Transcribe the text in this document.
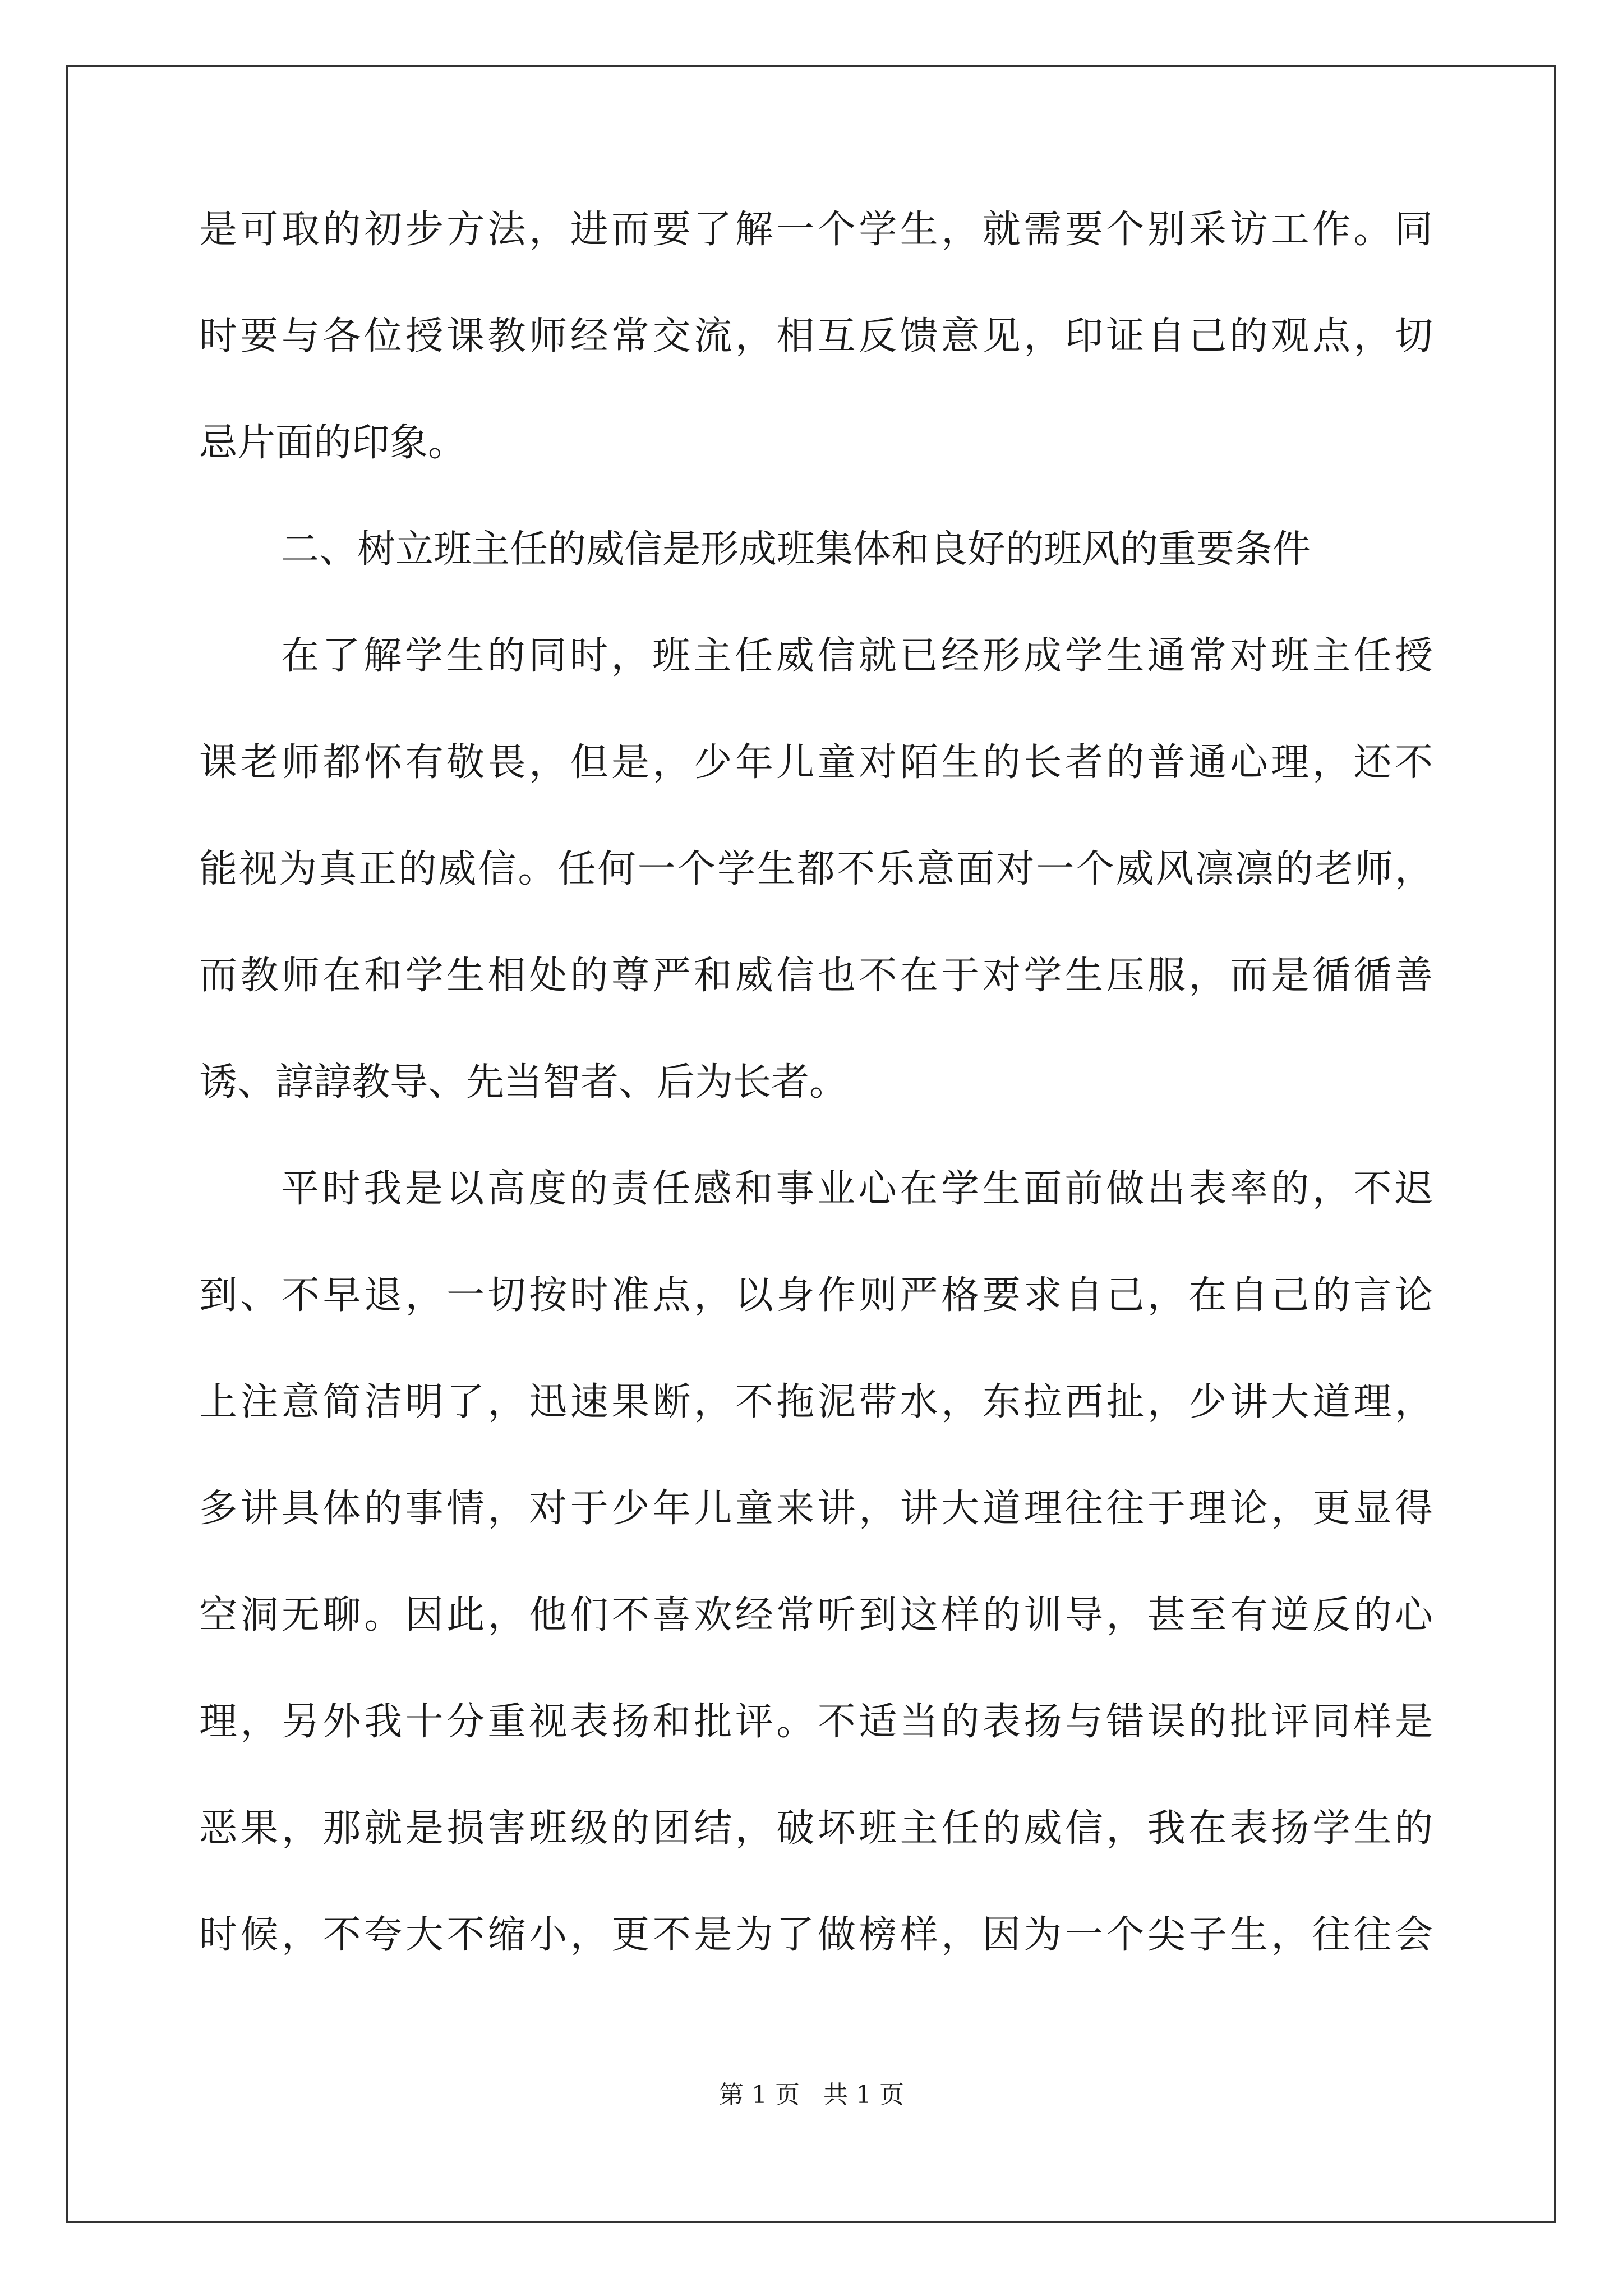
是可取的初步方法，进而要了解一个学生，就需要个别采访工作。同
时要与各位授课教师经常交流，相互反馈意见，印证自己的观点，切
忌片面的印象。
二、树立班主任的威信是形成班集体和良好的班风的重要条件
在了解学生的同时，班主任威信就已经形成学生通常对班主任授
课老师都怀有敬畏，但是，少年儿童对陌生的长者的普通心理，还不
能视为真正的威信。任何一个学生都不乐意面对一个威风凛凛的老师，
而教师在和学生相处的尊严和威信也不在于对学生压服，而是循循善
诱、諄諄教导、先当智者、后为长者。
平时我是以高度的责任感和事业心在学生面前做出表率的，不迟
到、不早退，一切按时准点，以身作则严格要求自己，在自己的言论
上注意简洁明了，迅速果断，不拖泥带水，东拉西扯，少讲大道理，
多讲具体的事情，对于少年儿童来讲，讲大道理往往于理论，更显得
空洞无聊。因此，他们不喜欢经常听到这样的训导，甚至有逆反的心
理，另外我十分重视表扬和批评。不适当的表扬与错误的批评同样是
恶果，那就是损害班级的团结，破坏班主任的威信，我在表扬学生的
时候，不夸大不缩小，更不是为了做榜样，因为一个尖子生，往往会
第 1 页   共 1 页
